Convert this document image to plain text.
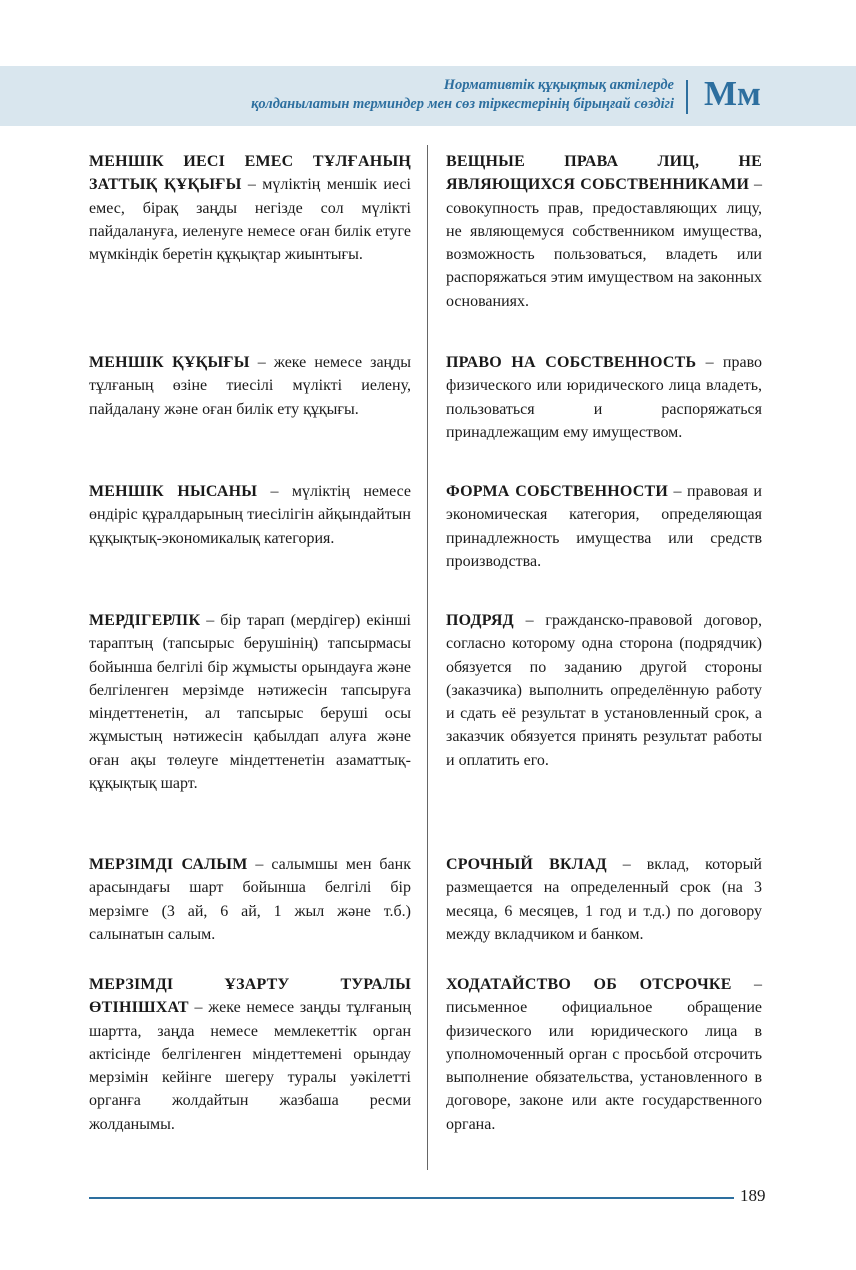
Нормативтік құқықтық актілерде
қолданылатын терминдер мен сөз тіркестерінің бірыңғай сөздігі Мм
МЕНШІК ИЕСІ ЕМЕС ТҰЛҒАНЫҢ ЗАТТЫҚ ҚҰҚЫҒЫ – мүліктің меншік иесі емес, бірақ заңды негізде сол мүлікті пайдалануға, иеленуге немесе оған билік етуге мүмкіндік беретін құқықтар жиынтығы.
ВЕЩНЫЕ ПРАВА ЛИЦ, НЕ ЯВЛЯЮЩИХСЯ СОБСТВЕННИКАМИ – совокупность прав, предоставляющих лицу, не являющемуся собственником имущества, возможность пользоваться, владеть или распоряжаться этим имуществом на законных основаниях.
МЕНШІК ҚҰҚЫҒЫ – жеке немесе заңды тұлғаның өзіне тиесілі мүлікті иелену, пайдалану және оған билік ету құқығы.
ПРАВО НА СОБСТВЕННОСТЬ – право физического или юридического лица владеть, пользоваться и распоряжаться принадлежащим ему имуществом.
МЕНШІК НЫСАНЫ – мүліктің немесе өндіріс құралдарының тиесілігін айқындайтын құқықтық-экономикалық категория.
ФОРМА СОБСТВЕННОСТИ – правовая и экономическая категория, определяющая принадлежность имущества или средств производства.
МЕРДІГЕРЛІК – бір тарап (мердігер) екінші тараптың (тапсырыс берушінің) тапсырмасы бойынша белгілі бір жұмысты орындауға және белгіленген мерзімде нәтижесін тапсыруға міндеттенетін, ал тапсырыс беруші осы жұмыстың нәтижесін қабылдап алуға және оған ақы төлеуге міндеттенетін азаматтық-құқықтық шарт.
ПОДРЯД – гражданско-правовой договор, согласно которому одна сторона (подрядчик) обязуется по заданию другой стороны (заказчика) выполнить определённую работу и сдать её результат в установленный срок, а заказчик обязуется принять результат работы и оплатить его.
МЕРЗІМДІ САЛЫМ – салымшы мен банк арасындағы шарт бойынша белгілі бір мерзімге (3 ай, 6 ай, 1 жыл және т.б.) салынатын салым.
СРОЧНЫЙ ВКЛАД – вклад, который размещается на определенный срок (на 3 месяца, 6 месяцев, 1 год и т.д.) по договору между вкладчиком и банком.
МЕРЗІМДІ ҰЗАРТУ ТУРАЛЫ ӨТІНІШХАТ – жеке немесе заңды тұлғаның шартта, заңда немесе мемлекеттік орган актісінде белгіленген міндеттемені орындау мерзімін кейінге шегеру туралы уәкілетті органға жолдайтын жазбаша ресми жолданымы.
ХОДАТАЙСТВО ОБ ОТСРОЧКЕ – письменное официальное обращение физического или юридического лица в уполномоченный орган с просьбой отсрочить выполнение обязательства, установленного в договоре, законе или акте государственного органа.
189
